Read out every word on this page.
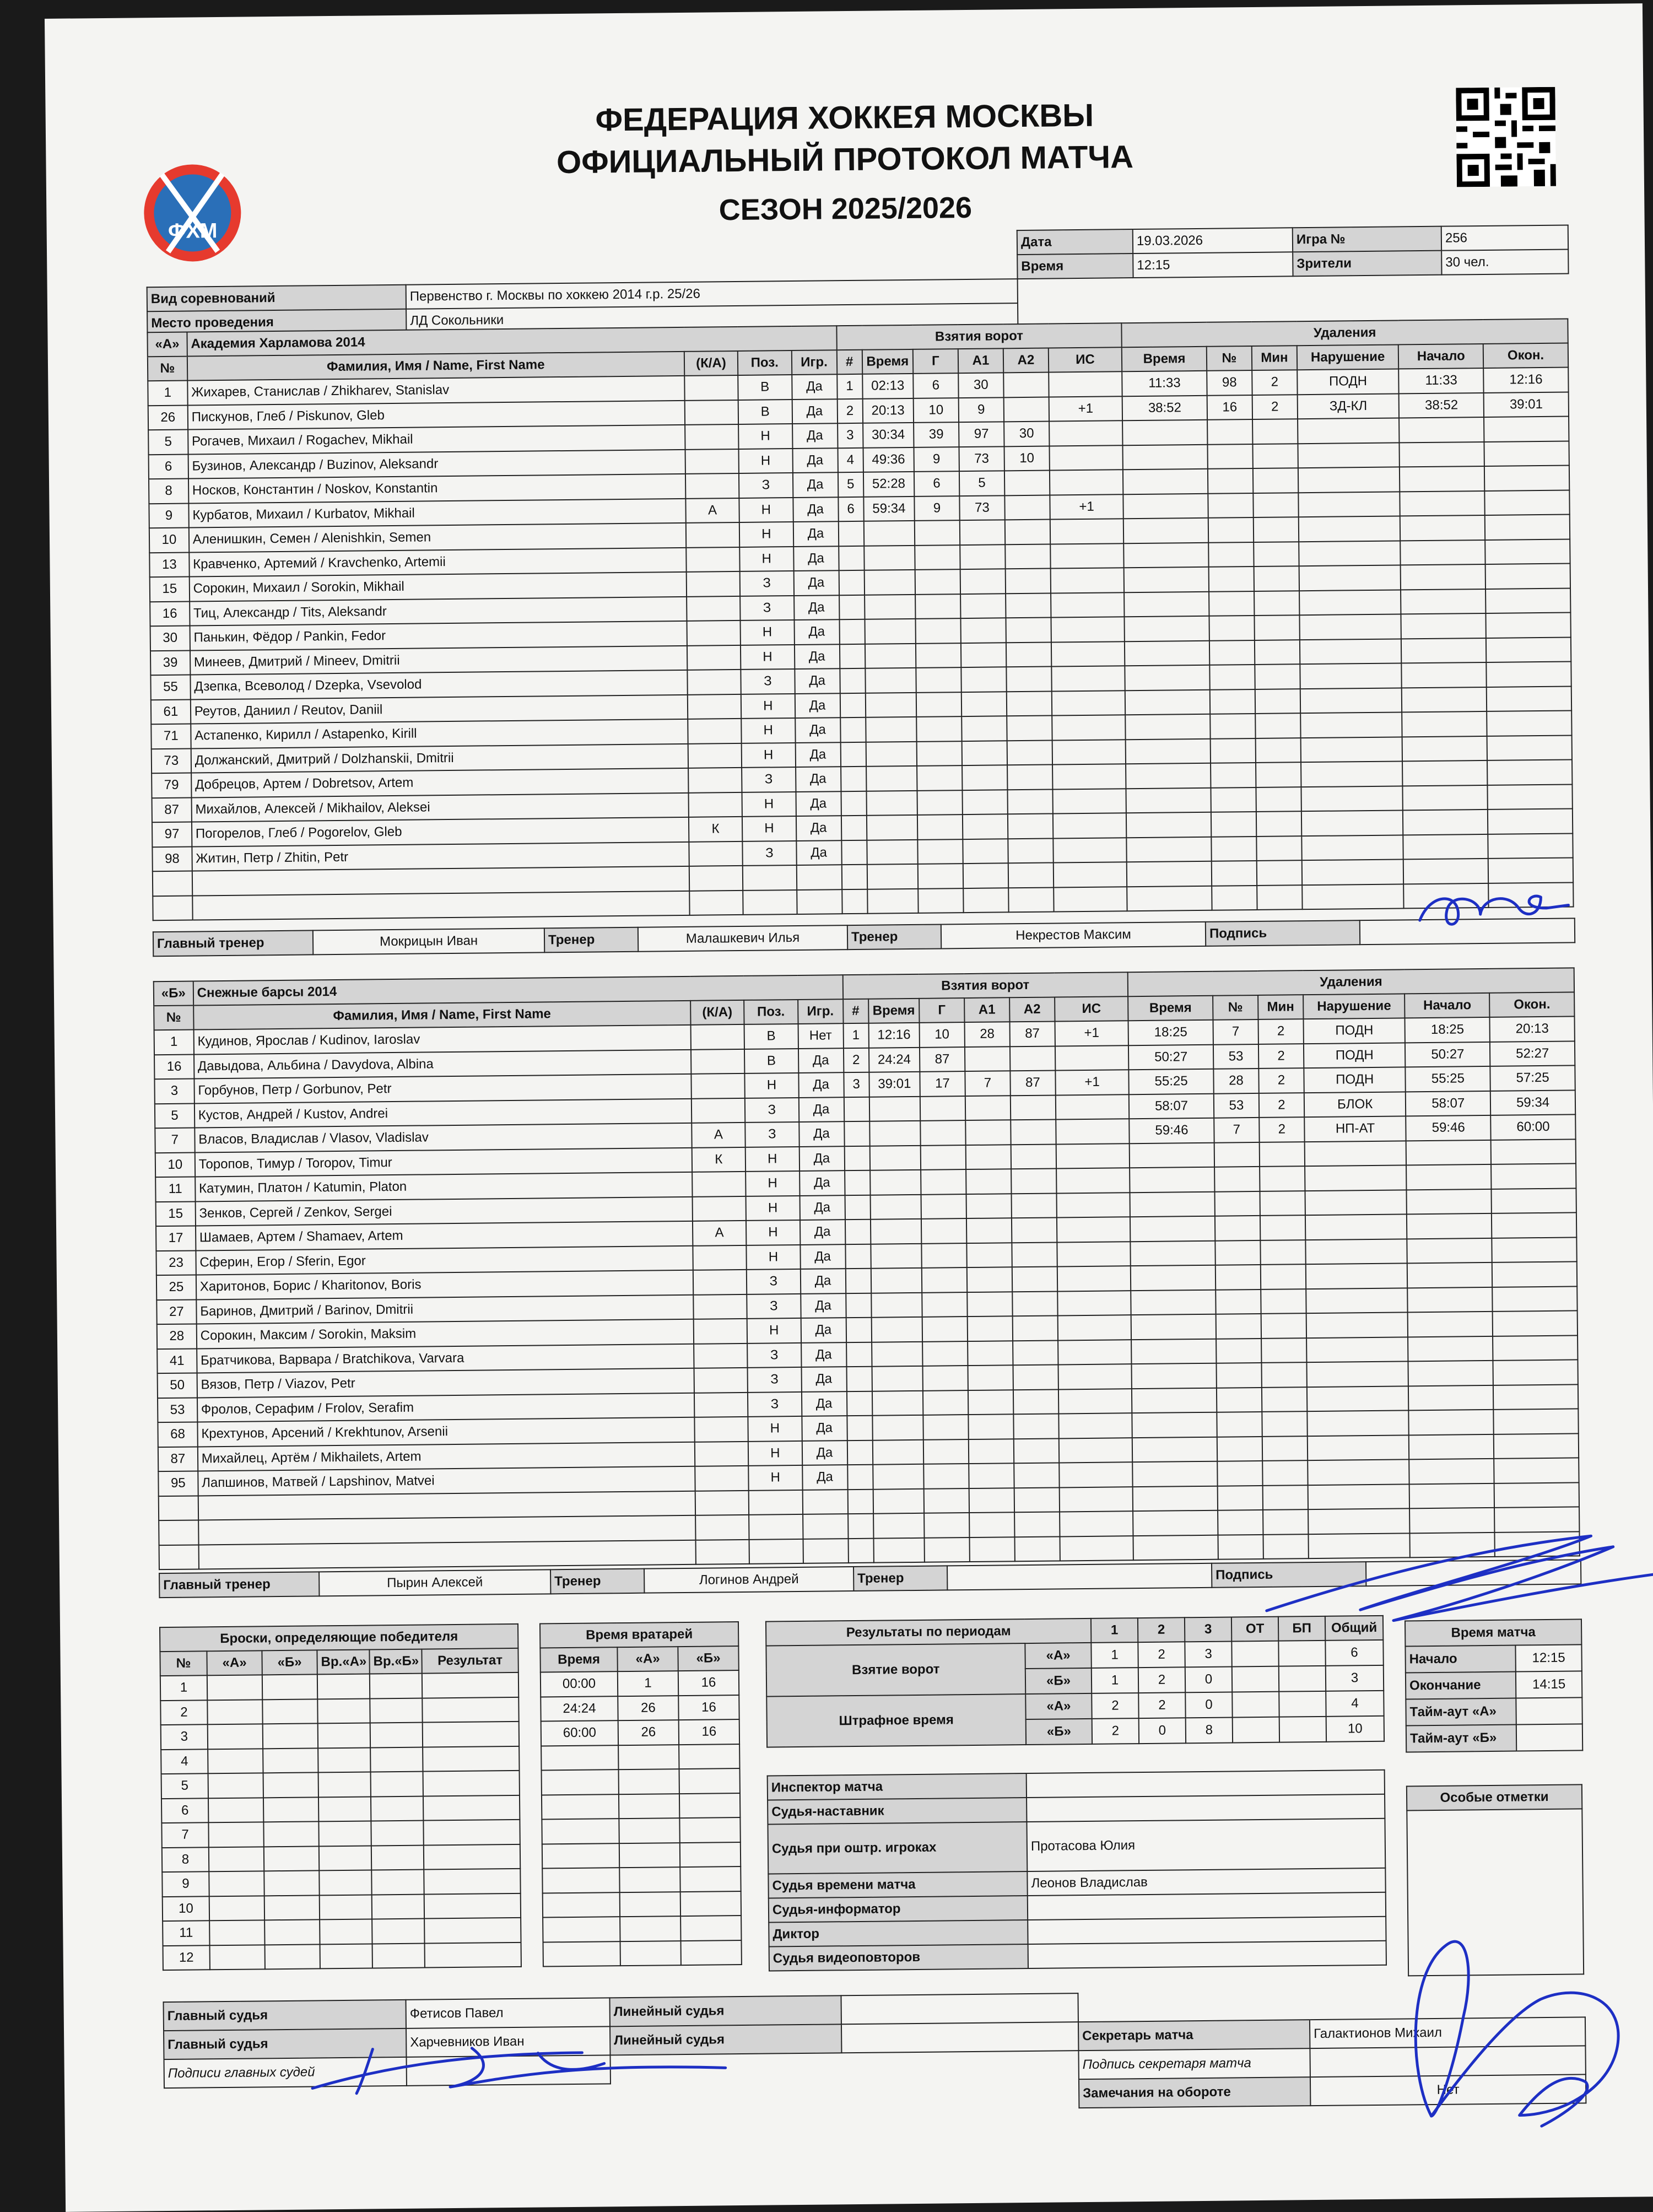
ФХМ
ФЕДЕРАЦИЯ ХОККЕЯ МОСКВЫ
ОФИЦИАЛЬНЫЙ ПРОТОКОЛ МАТЧА
СЕЗОН 2025/2026
Дата	19.03.2026	Игра №	256
Время	12:15	Зрители	30 чел.
Вид соревнований	Первенство г. Москвы по хоккею 2014 г.р. 25/26
Место проведения	ЛД Сокольники
«А»	Академия Харламова 2014				Взятия ворот						Удаления					
№	Фамилия, Имя / Name, First Name	(К/А)	Поз.	Игр.	#	Время	Г	А1	А2	ИС	Время	№	Мин	Нарушение	Начало	Окон.
1	Жихарев, Станислав / Zhikharev, Stanislav		В	Да	1	02:13	6	30			11:33	98	2	ПОДН	11:33	12:16
26	Пискунов, Глеб / Piskunov, Gleb		В	Да	2	20:13	10	9		+1	38:52	16	2	ЗД-КЛ	38:52	39:01
5	Рогачев, Михаил / Rogachev, Mikhail		Н	Да	3	30:34	39	97	30							
6	Бузинов, Александр / Buzinov, Aleksandr		Н	Да	4	49:36	9	73	10							
8	Носков, Константин / Noskov, Konstantin		З	Да	5	52:28	6	5								
9	Курбатов, Михаил / Kurbatov, Mikhail	А	Н	Да	6	59:34	9	73		+1						
10	Аленишкин, Семен / Alenishkin, Semen		Н	Да												
13	Кравченко, Артемий / Kravchenko, Artemii		Н	Да												
15	Сорокин, Михаил / Sorokin, Mikhail		З	Да												
16	Тиц, Александр / Tits, Aleksandr		З	Да												
30	Панькин, Фёдор / Pankin, Fedor		Н	Да												
39	Минеев, Дмитрий / Mineev, Dmitrii		Н	Да												
55	Дзепка, Всеволод / Dzepka, Vsevolod		З	Да												
61	Реутов, Даниил / Reutov, Daniil		Н	Да												
71	Астапенко, Кирилл / Astapenko, Kirill		Н	Да												
73	Должанский, Дмитрий / Dolzhanskii, Dmitrii		Н	Да												
79	Добрецов, Артем / Dobretsov, Artem		З	Да												
87	Михайлов, Алексей / Mikhailov, Aleksei		Н	Да												
97	Погорелов, Глеб / Pogorelov, Gleb	К	Н	Да												
98	Житин, Петр / Zhitin, Petr		З	Да												

Главный тренер	Мокрицын Иван	Тренер	Малашкевич Илья	Тренер	Некрестов Максим	Подпись	
«Б»	Снежные барсы 2014				Взятия ворот						Удаления					
№	Фамилия, Имя / Name, First Name	(К/А)	Поз.	Игр.	#	Время	Г	А1	А2	ИС	Время	№	Мин	Нарушение	Начало	Окон.
1	Кудинов, Ярослав / Kudinov, Iaroslav		В	Нет	1	12:16	10	28	87	+1	18:25	7	2	ПОДН	18:25	20:13
16	Давыдова, Альбина / Davydova, Albina		В	Да	2	24:24	87				50:27	53	2	ПОДН	50:27	52:27
3	Горбунов, Петр / Gorbunov, Petr		Н	Да	3	39:01	17	7	87	+1	55:25	28	2	ПОДН	55:25	57:25
5	Кустов, Андрей / Kustov, Andrei		З	Да							58:07	53	2	БЛОК	58:07	59:34
7	Власов, Владислав / Vlasov, Vladislav	А	З	Да							59:46	7	2	НП-АТ	59:46	60:00
10	Торопов, Тимур / Toropov, Timur	К	Н	Да												
11	Катумин, Платон / Katumin, Platon		Н	Да												
15	Зенков, Сергей / Zenkov, Sergei		Н	Да												
17	Шамаев, Артем / Shamaev, Artem	А	Н	Да												
23	Сферин, Егор / Sferin, Egor		Н	Да												
25	Харитонов, Борис / Kharitonov, Boris		З	Да												
27	Баринов, Дмитрий / Barinov, Dmitrii		З	Да												
28	Сорокин, Максим / Sorokin, Maksim		Н	Да												
41	Братчикова, Варвара / Bratchikova, Varvara		З	Да												
50	Вязов, Петр / Viazov, Petr		З	Да												
53	Фролов, Серафим / Frolov, Serafim		З	Да												
68	Крехтунов, Арсений / Krekhtunov, Arsenii		Н	Да												
87	Михайлец, Артём / Mikhailets, Artem		Н	Да												
95	Лапшинов, Матвей / Lapshinov, Matvei		Н	Да												

Главный тренер	Пырин Алексей	Тренер	Логинов Андрей	Тренер		Подпись	
Броски, определяющие победителя					
№	«А»	«Б»	Вр.«А»	Вр.«Б»	Результат
1					
2					
3					
4					
5					
6					
7					
8					
9					
10					
11					
12					
Время вратарей		
Время	«А»	«Б»
00:00	1	16
24:24	26	16
60:00	26	16

Результаты по периодам		1	2	3	ОТ	БП	Общий
Взятие ворот	«А»	1	2	3			6
	«Б»	1	2	0			3
Штрафное время	«А»	2	2	0			4
	«Б»	2	0	8			10
Время матча	
Начало	12:15
Окончание	14:15
Тайм-аут «А»	
Тайм-аут «Б»	
Инспектор матча	
Судья-наставник	
Судья при оштр. игроках	Протасова Юлия
Судья времени матча	Леонов Владислав
Судья-информатор	
Диктор	
Судья видеоповторов	
Особые отметки

Главный судья	Фетисов Павел	Линейный судья			
Главный судья	Харчевников Иван	Линейный судья		Секретарь матча	Галактионов Михаил
Подписи главных судей				Подпись секретаря матча	
				Замечания на обороте	Нет
